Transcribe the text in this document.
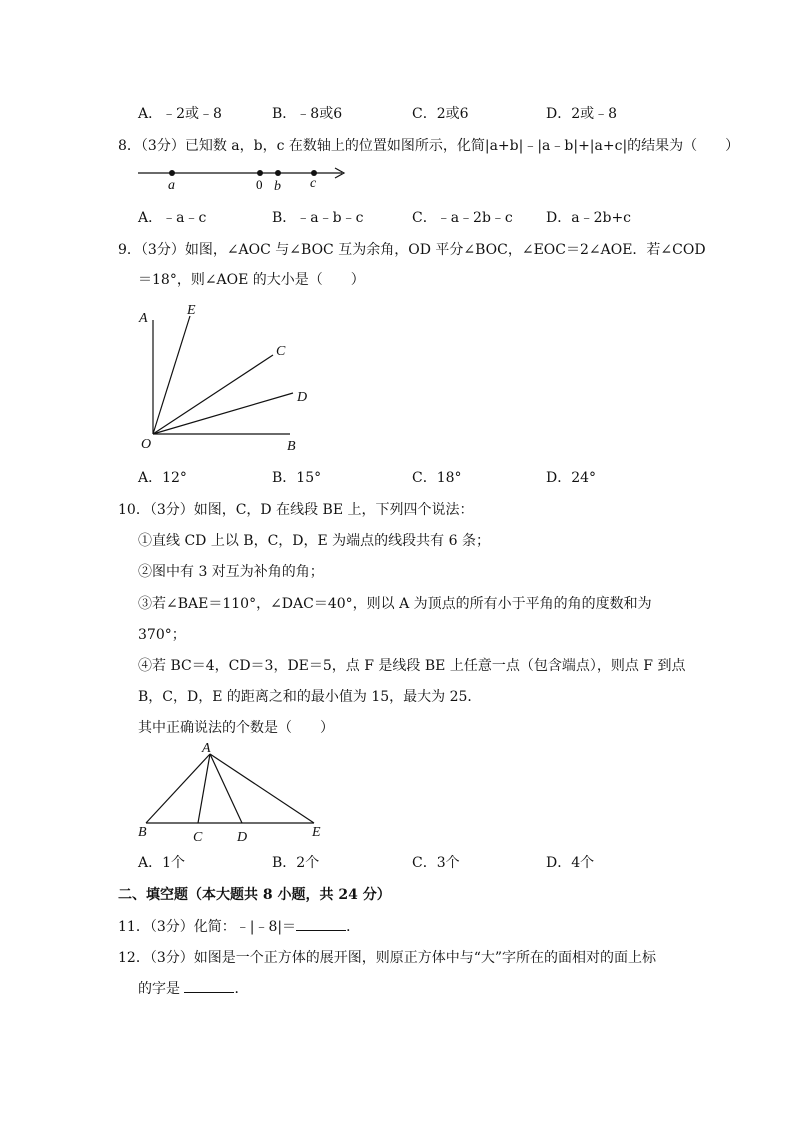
A．﹣2或﹣8	B．﹣8或6	C．2或6	D．2或﹣8
8．（3分）已知数 a，b，c 在数轴上的位置如图所示，化简|a+b|﹣|a﹣b|+|a+c|的结果为（　　）
a	0 b c
A．﹣a﹣c	B．﹣a﹣b﹣c	C．﹣a﹣2b﹣c D．a﹣2b+c
9．（3分）如图，∠AOC 与∠BOC 互为余角，OD 平分∠BOC，∠EOC＝2∠AOE．若∠COD
＝18°，则∠AOE 的大小是（　　）
A
E
C
D
O	B
A．12°	B．15°	C．18°	D．24°
10．（3分）如图，C，D 在线段 BE 上，下列四个说法：
①直线 CD 上以 B，C，D，E 为端点的线段共有 6 条；
②图中有 3 对互为补角的角；
③若∠BAE＝110°，∠DAC＝40°，则以 A 为顶点的所有小于平角的角的度数和为
370°；
④若 BC＝4，CD＝3，DE＝5，点 F 是线段 BE 上任意一点（包含端点），则点 F 到点
B，C，D，E 的距离之和的最小值为 15，最大为 25．
其中正确说法的个数是（　　）
A
B	C D	E
A．1个	B．2个	C．3个	D．4个
二、填空题（本大题共 8 小题，共 24 分）
11．（3分）化简：﹣|﹣8|＝	．
12．（3分）如图是一个正方体的展开图，则原正方体中与“大”字所在的面相对的面上标
的字是	．
